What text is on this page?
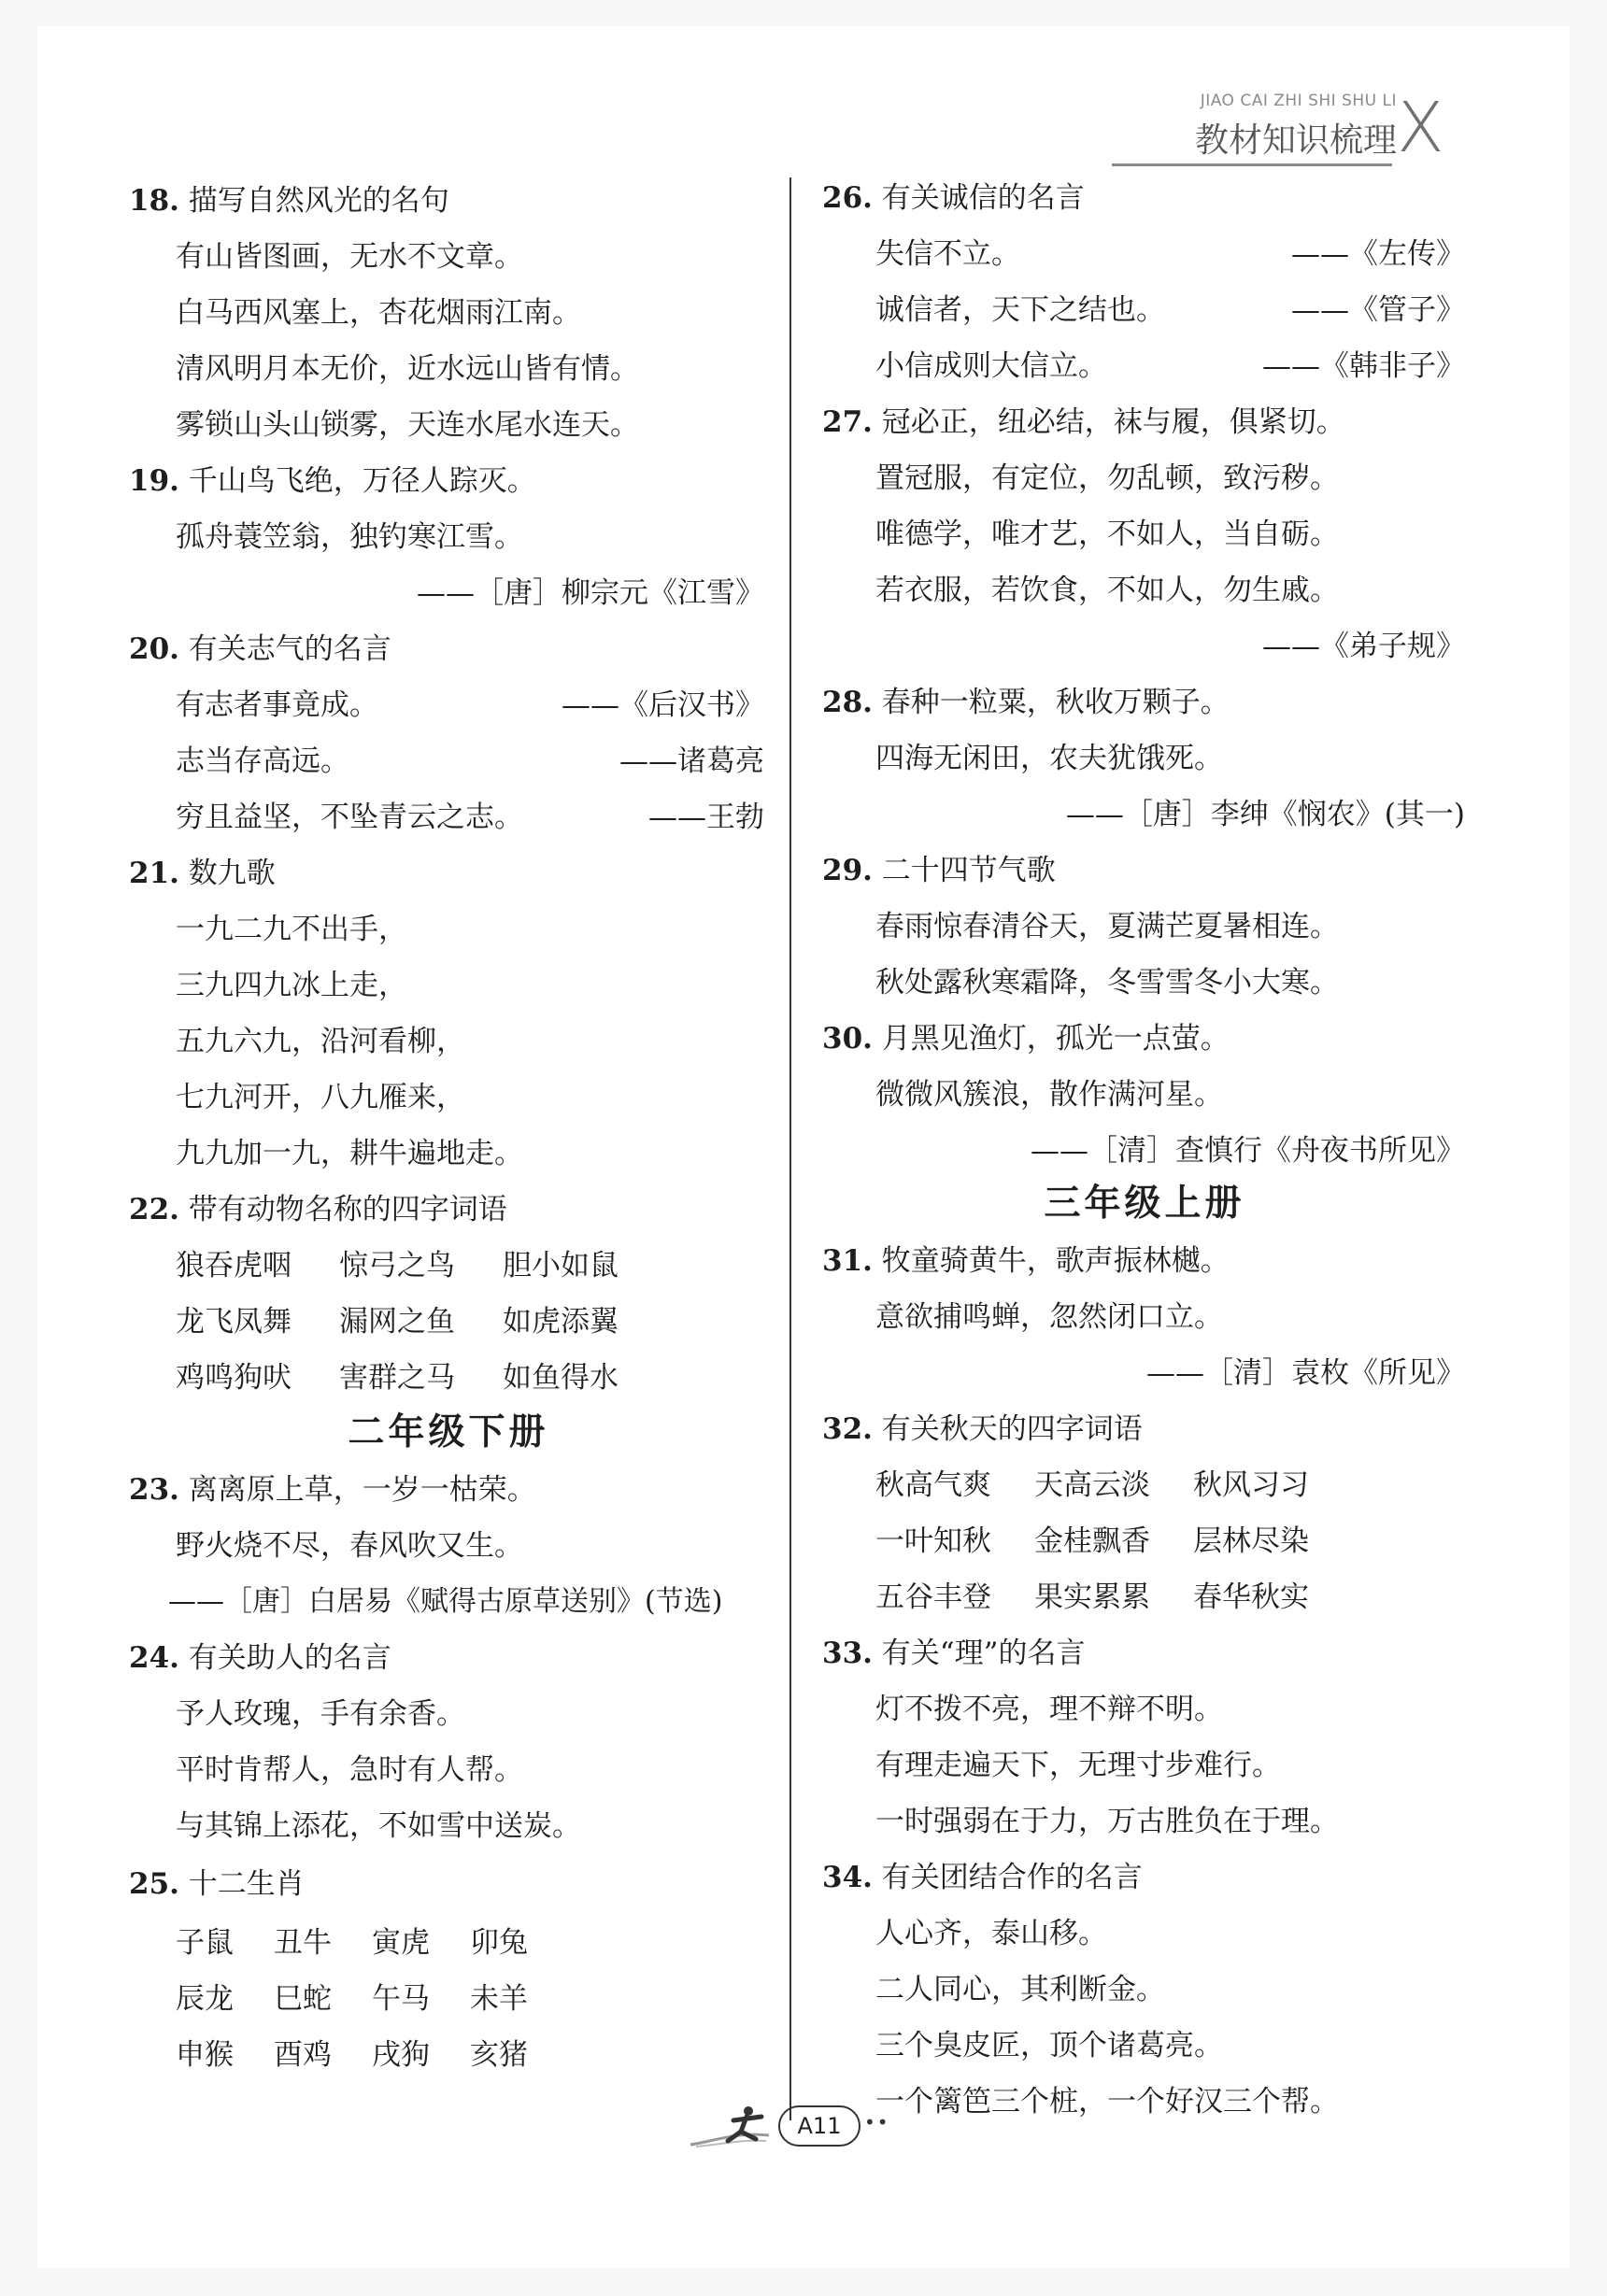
JIAO CAI ZHI SHI SHU LI
教材知识梳理 X
18. 描写自然风光的名句
有山皆图画，无水不文章。
白马西风塞上，杏花烟雨江南。
清风明月本无价，近水远山皆有情。
雾锁山头山锁雾，天连水尾水连天。
19. 千山鸟飞绝，万径人踪灭。
孤舟蓑笠翁，独钓寒江雪。
——［唐］柳宗元《江雪》
20. 有关志气的名言
有志者事竟成。	——《后汉书》
志当存高远。	——诸葛亮
穷且益坚，不坠青云之志。	——王勃
21. 数九歌
一九二九不出手，
三九四九冰上走，
五九六九，沿河看柳，
七九河开，八九雁来，
九九加一九，耕牛遍地走。
22. 带有动物名称的四字词语
狼吞虎咽 惊弓之鸟 胆小如鼠
龙飞凤舞 漏网之鱼 如虎添翼
鸡鸣狗吠 害群之马 如鱼得水
二年级下册
23. 离离原上草，一岁一枯荣。
野火烧不尽，春风吹又生。
——［唐］白居易《赋得古原草送别》(节选)
24. 有关助人的名言
予人玫瑰，手有余香。
平时肯帮人，急时有人帮。
与其锦上添花，不如雪中送炭。
25. 十二生肖
子鼠 丑牛 寅虎 卯兔
辰龙 巳蛇 午马 未羊
申猴 酉鸡 戌狗 亥猪
26. 有关诚信的名言
失信不立。	——《左传》
诚信者，天下之结也。	——《管子》
小信成则大信立。	——《韩非子》
27. 冠必正，纽必结，袜与履，俱紧切。
置冠服，有定位，勿乱顿，致污秽。
唯德学，唯才艺，不如人，当自砺。
若衣服，若饮食，不如人，勿生戚。
——《弟子规》
28. 春种一粒粟，秋收万颗子。
四海无闲田，农夫犹饿死。
——［唐］李绅《悯农》(其一)
29. 二十四节气歌
春雨惊春清谷天，夏满芒夏暑相连。
秋处露秋寒霜降，冬雪雪冬小大寒。
30. 月黑见渔灯，孤光一点萤。
微微风簇浪，散作满河星。
——［清］查慎行《舟夜书所见》
三年级上册
31. 牧童骑黄牛，歌声振林樾。
意欲捕鸣蝉，忽然闭口立。
——［清］袁枚《所见》
32. 有关秋天的四字词语
秋高气爽 天高云淡 秋风习习
一叶知秋 金桂飘香 层林尽染
五谷丰登 果实累累 春华秋实
33. 有关“理”的名言
灯不拨不亮，理不辩不明。
有理走遍天下，无理寸步难行。
一时强弱在于力，万古胜负在于理。
34. 有关团结合作的名言
人心齐，泰山移。
二人同心，其利断金。
三个臭皮匠，顶个诸葛亮。
一个篱笆三个桩，一个好汉三个帮。
A11	••
